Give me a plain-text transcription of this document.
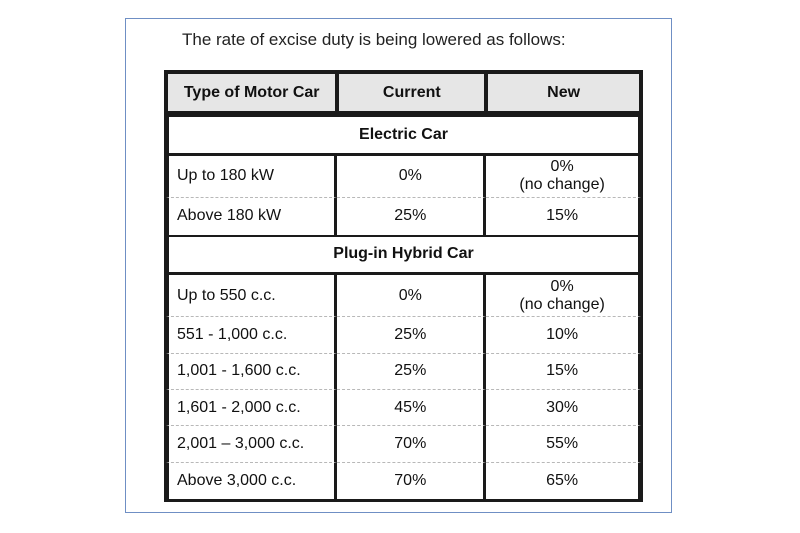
The rate of excise duty is being lowered as follows:
Type of Motor Car	Current	New
Electric Car		
Up to 180 kW	0%	0%
(no change)

Above 180 kW	25%	15%
Plug-in Hybrid Car		
Up to 550 c.c.	0%	0%
(no change)

551 - 1,000 c.c.	25%	10%
1,001 - 1,600 c.c.	25%	15%
1,601 - 2,000 c.c.	45%	30%
2,001 – 3,000 c.c.	70%	55%
Above 3,000 c.c.	70%	65%
